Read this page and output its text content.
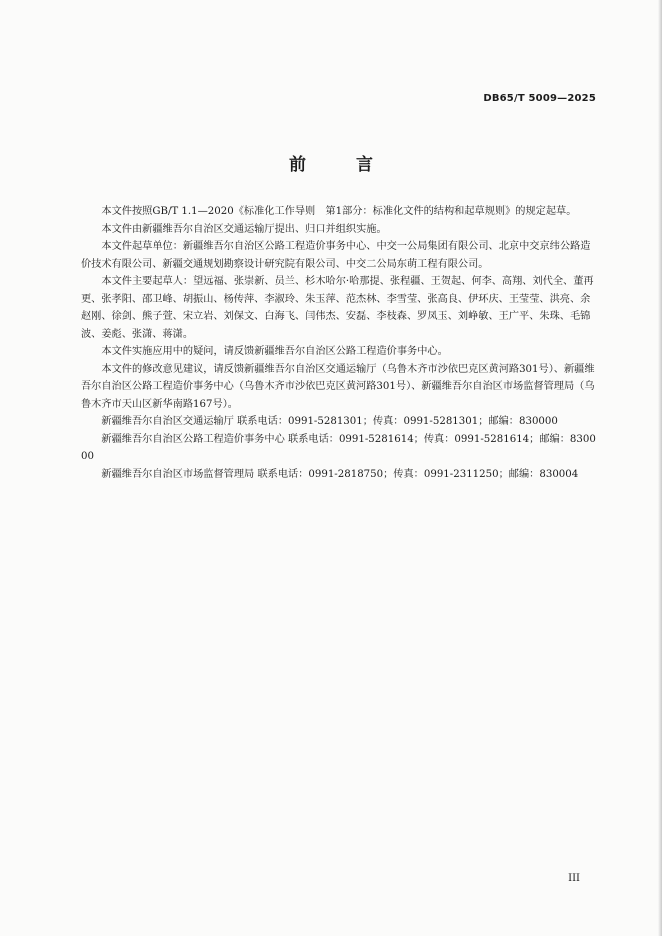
DB65/T 5009—2025
前 言

本文件按照GB/T 1.1—2020《标准化工作导则　第1部分：标准化文件的结构和起草规则》的规定起草。

本文件由新疆维吾尔自治区交通运输厅提出、归口并组织实施。

本文件起草单位：新疆维吾尔自治区公路工程造价事务中心、中交一公局集团有限公司、北京中交京纬公路造价技术有限公司、新疆交通规划勘察设计研究院有限公司、中交二公局东萌工程有限公司。

本文件主要起草人：望远福、张崇新、员兰、杉木哈尔·哈那提、张程疆、王贺起、何李、高翔、刘代全、董再更、张孝阳、邵卫峰、胡振山、杨传萍、李淑玲、朱玉萍、范杰林、李雪莹、张高良、伊环庆、王莹莹、洪亮、余赵刚、徐剑、熊子萱、宋立岩、刘保文、白海飞、闫伟杰、安磊、李枝森、罗凤玉、刘峥敏、王广平、朱珠、毛锦波、姜彪、张潇、蒋潇。

本文件实施应用中的疑问，请反馈新疆维吾尔自治区公路工程造价事务中心。

本文件的修改意见建议，请反馈新疆维吾尔自治区交通运输厅（乌鲁木齐市沙依巴克区黄河路301号）、新疆维吾尔自治区公路工程造价事务中心（乌鲁木齐市沙依巴克区黄河路301号）、新疆维吾尔自治区市场监督管理局（乌鲁木齐市天山区新华南路167号）。

新疆维吾尔自治区交通运输厅 联系电话：0991-5281301；传真：0991-5281301；邮编：830000

新疆维吾尔自治区公路工程造价事务中心 联系电话：0991-5281614；传真：0991-5281614；邮编：830000

新疆维吾尔自治区市场监督管理局 联系电话：0991-2818750；传真：0991-2311250；邮编：830004

III
